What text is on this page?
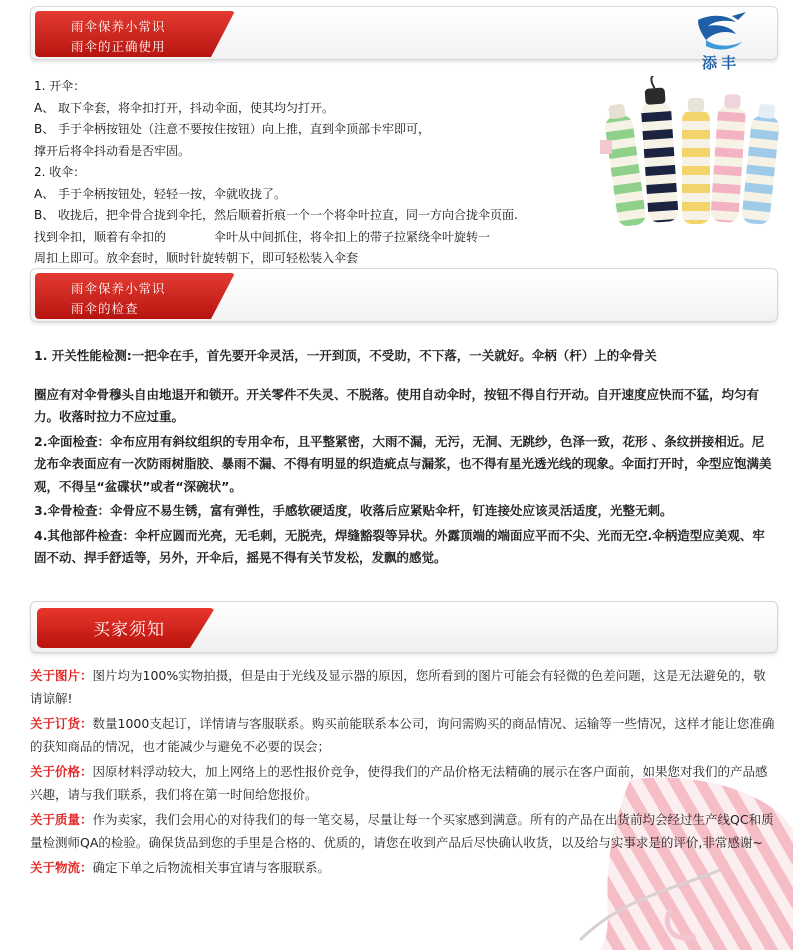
雨伞保养小常识
雨伞的正确使用
添丰
1. 开伞：
A、 取下伞套，将伞扣打开，抖动伞面，使其均匀打开。
B、 手于伞柄按钮处（注意不要按住按钮）向上推，直到伞顶部卡牢即可，
撑开后将伞抖动看是否牢固。
2. 收伞：
A、 手于伞柄按钮处，轻轻一按，伞就收拢了。
B、 收拢后，把伞骨合拢到伞托，然后顺着折痕一个一个将伞叶拉直，同一方向合拢伞页面.
找到伞扣，顺着有伞扣的	伞叶从中间抓住，将伞扣上的带子拉紧绕伞叶旋转一
周扣上即可。放伞套时，顺时针旋转朝下，即可轻松装入伞套
雨伞保养小常识
雨伞的检查

1. 开关性能检测:一把伞在手，首先要开伞灵活，一开到顶，不受助，不下落，一关就好。伞柄（杆）上的伞骨关

圈应有对伞骨穆头自由地退开和锁开。开关零件不失灵、不脱落。使用自动伞时，按钮不得自行开动。自开速度应快而不猛，均匀有力。收落时拉力不应过重。

2.伞面检查：伞布应用有斜纹组织的专用伞布，且平整紧密，大雨不漏，无污，无洞、无跳纱，色泽一致，花形 、条纹拼接相近。尼龙布伞表面应有一次防雨树脂胶、暴雨不漏、不得有明显的织造疵点与漏浆，也不得有星光透光线的现象。伞面打开时，伞型应饱满美观，不得呈“盆碟状”或者“深碗状”。

3.伞骨检查：伞骨应不易生锈，富有弹性，手感软硬适度，收落后应紧贴伞杆，钉连接处应该灵活适度，光整无刺。

4.其他部件检查：伞杆应圆而光亮，无毛刺，无脱壳，焊缝豁裂等异状。外露顶端的端面应平而不尖、光而无空.伞柄造型应美观、牢固不动、捍手舒适等，另外，开伞后，摇晃不得有关节发松，发飘的感觉。

买家须知

关于图片：图片均为100%实物拍摄，但是由于光线及显示器的原因，您所看到的图片可能会有轻微的色差问题，这是无法避免的，敬请谅解!

关于订货：数量1000支起订，详情请与客服联系。购买前能联系本公司，询问需购买的商品情况、运输等一些情况，这样才能让您准确的获知商品的情况，也才能减少与避免不必要的误会；

关于价格：因原材料浮动较大，加上网络上的恶性报价竞争，使得我们的产品价格无法精确的展示在客户面前，如果您对我们的产品感兴趣，请与我们联系，我们将在第一时间给您报价。

关于质量：作为卖家，我们会用心的对待我们的每一笔交易，尽量让每一个买家感到满意。所有的产品在出货前均会经过生产线QC和质量检测师QA的检验。确保货品到您的手里是合格的、优质的，请您在收到产品后尽快确认收货，以及给与实事求是的评价,非常感谢~

关于物流：确定下单之后物流相关事宜请与客服联系。
